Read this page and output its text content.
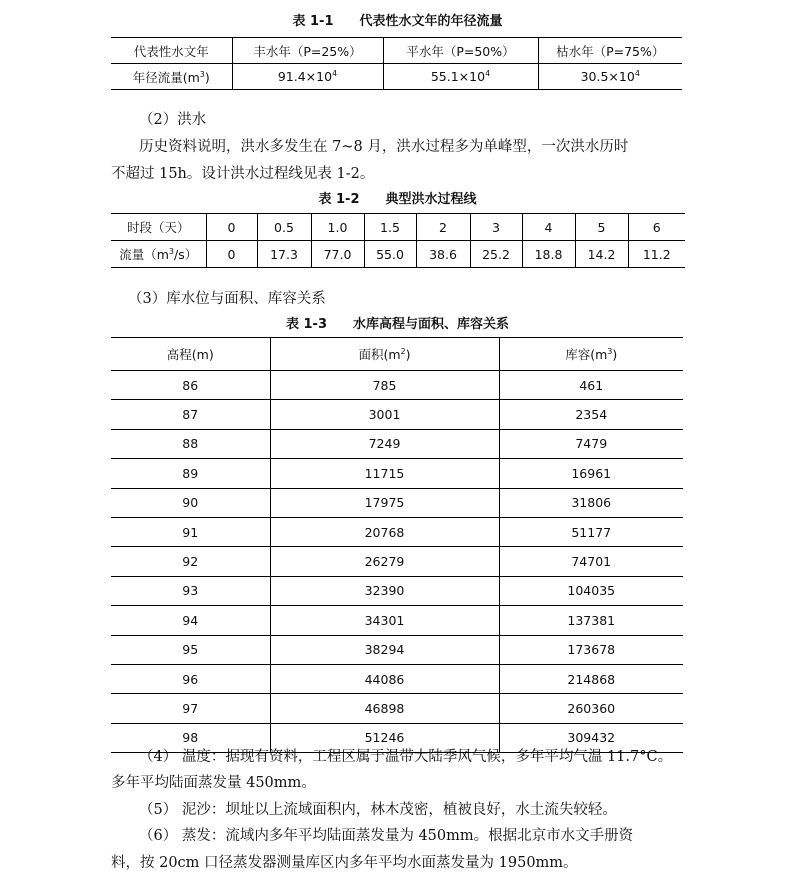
表 1-1 代表性水文年的年径流量
代表性水文年	丰水年（P=25%）	平水年（P=50%）	枯水年（P=75%）
年径流量$(m^3)$	$91.4\times 10^4$	$55.1\times 10^4$	$30.5\times 10^4$
（2）洪水
历史资料说明，洪水多发生在 7~8 月，洪水过程多为单峰型，一次洪水历时
不超过 15h。设计洪水过程线见表 1-2。
表 1-2 典型洪水过程线
时段（天）	0	0.5	1.0	1.5	2	3	4	5	6
流量$(m^3/s)$	0	17.3	77.0	55.0	38.6	25.2	18.8	14.2	11.2
（3）库水位与面积、库容关系
表 1-3 水库高程与面积、库容关系
高程(m)	面积$(m^2)$	库容$(m^3)$
86	785	461
87	3001	2354
88	7249	7479
89	11715	16961
90	17975	31806
91	20768	51177
92	26279	74701
93	32390	104035
94	34301	137381
95	38294	173678
96	44086	214868
97	46898	260360
98	51246	309432
（4） 温度：据现有资料，工程区属于温带大陆季风气候，多年平均气温 11.7°C。
多年平均陆面蒸发量 450mm。
（5） 泥沙：坝址以上流域面积内，林木茂密，植被良好，水土流失较轻。
（6） 蒸发：流域内多年平均陆面蒸发量为 450mm。根据北京市水文手册资
料，按 20cm 口径蒸发器测量库区内多年平均水面蒸发量为 1950mm。
